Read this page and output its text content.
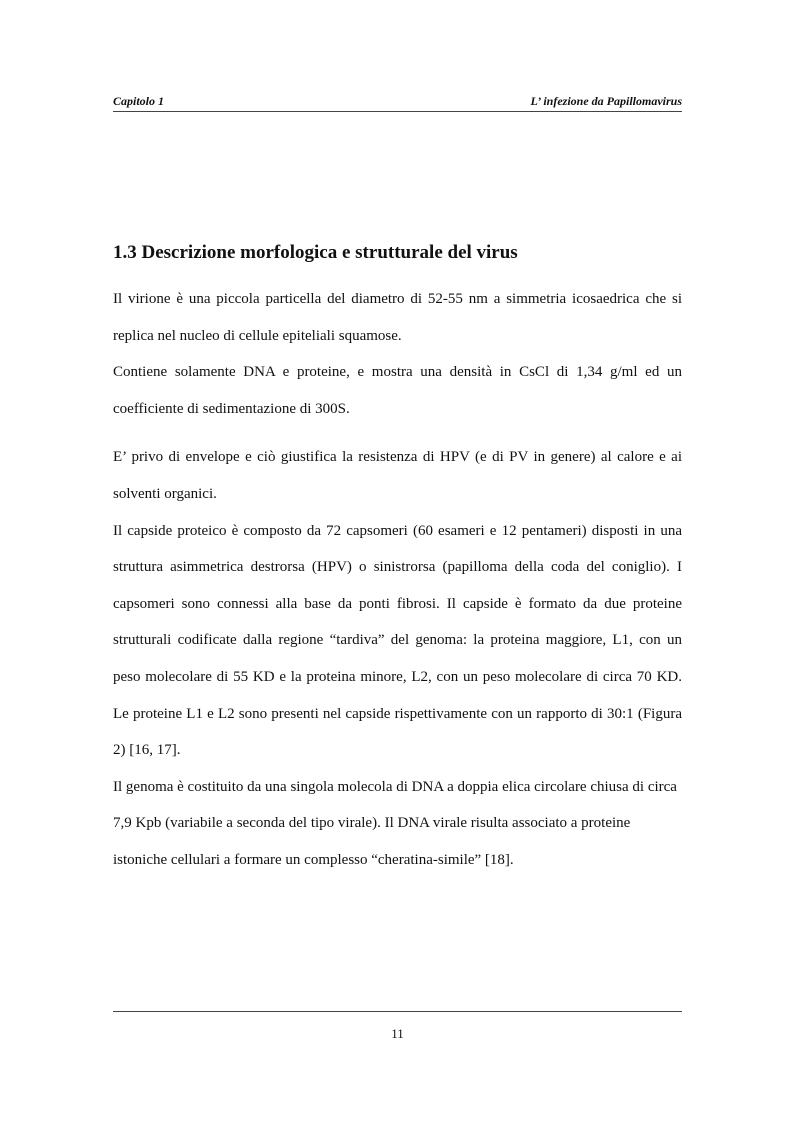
Capitolo 1	L’ infezione da Papillomavirus
1.3 Descrizione morfologica e strutturale del virus

Il virione è una piccola particella del diametro di 52-55 nm a simmetria icosaedrica che si replica nel nucleo di cellule epiteliali squamose.

Contiene solamente DNA e proteine, e mostra una densità in CsCl di 1,34 g/ml ed un coefficiente di sedimentazione di 300S.

E’ privo di envelope e ciò giustifica la resistenza di HPV (e di PV in genere) al calore e ai solventi organici.

Il capside proteico è composto da 72 capsomeri (60 esameri e 12 pentameri) disposti in una struttura asimmetrica destrorsa (HPV) o sinistrorsa (papilloma della coda del coniglio). I capsomeri sono connessi alla base da ponti fibrosi. Il capside è formato da due proteine strutturali codificate dalla regione “tardiva” del genoma: la proteina maggiore, L1, con un peso molecolare di 55 KD e la proteina minore, L2, con un peso molecolare di circa 70 KD. Le proteine L1 e L2 sono presenti nel capside rispettivamente con un rapporto di 30:1 (Figura 2) [16, 17].

Il genoma è costituito da una singola molecola di DNA a doppia elica circolare chiusa di circa 7,9 Kpb (variabile a seconda del tipo virale). Il DNA virale risulta associato a proteine istoniche cellulari a formare un complesso “cheratina-simile” [18].

11
